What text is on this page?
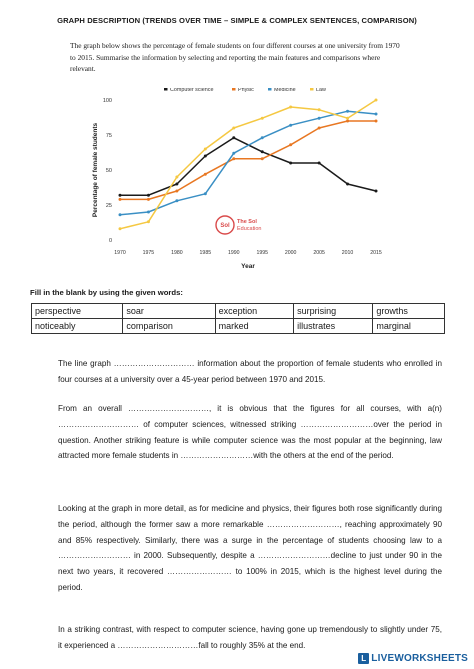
GRAPH DESCRIPTION (TRENDS OVER TIME – SIMPLE & COMPLEX SENTENCES, COMPARISON)
The graph below shows the percentage of female students on four different courses at one university from 1970 to 2015. Summarise the information by selecting and reporting the main features and comparisons where relevant.
Computer science	Physic	Medicine	Law
0
25
50
75
100
1970	1975	1980	1985	1990	1995	2000	2005	2010	2015
Year
Percentage of female students
Sol
The Sol
Education
Fill in the blank by using the given words:
perspective	soar	exception	surprising	growths
noticeably	comparison	marked	illustrates	marginal
The line graph ………………………… information about the proportion of female students who enrolled in four courses at a university over a 45-year period between 1970 and 2015.
From an overall …………………………, it is obvious that the figures for all courses, with a(n) ………………………… of computer sciences, witnessed striking ………………………over the period in question. Another striking feature is while computer science was the most popular at the beginning, law attracted more female students in ………………………with the others at the end of the period.
Looking at the graph in more detail, as for medicine and physics, their figures both rose significantly during the period, although the former saw a more remarkable ………………………, reaching approximately 90 and 85% respectively. Similarly, there was a surge in the percentage of students choosing law to a ……………………… in 2000. Subsequently, despite a ………………………decline to just under 90 in the next two years, it recovered …………………… to 100% in 2015, which is the highest level during the period.
In a striking contrast, with respect to computer science, having gone up tremendously to slightly under 75, it experienced a …………………………fall to roughly 35% at the end.
L LIVEWORKSHEETS
